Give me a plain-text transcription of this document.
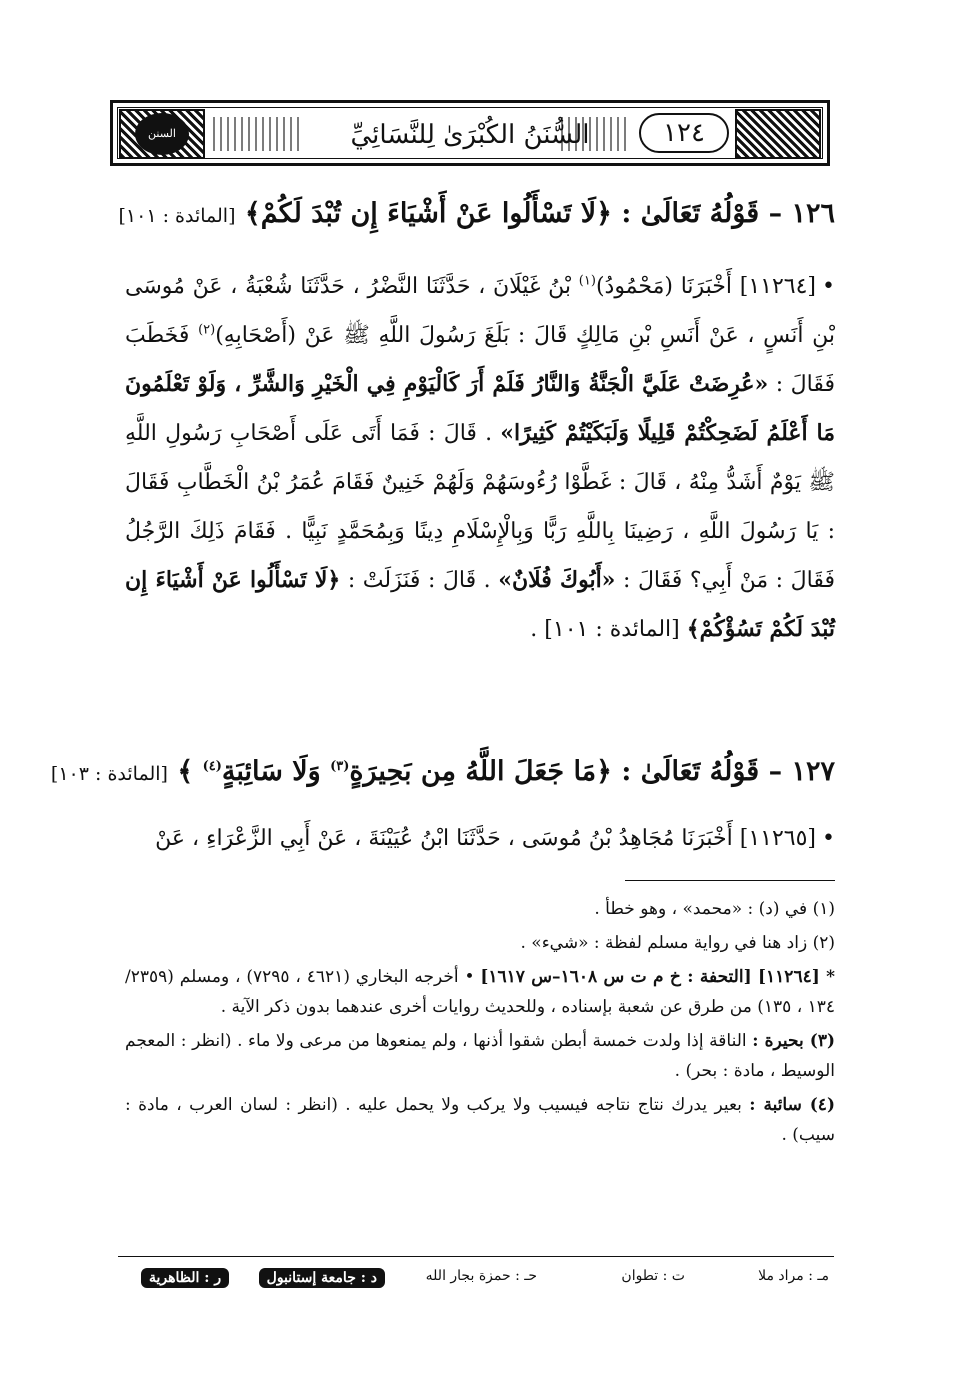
السنن الكبرى
١٢٤
السُّنَنُ الكُبْرَىٰ لِلنَّسَائِيِّ
١٢٦ – قَوْلُهُ تَعَالَىٰ : ﴿لَا تَسْأَلُوا عَنْ أَشْيَاءَ إِن تُبْدَ لَكُمْ﴾ [المائدة : ١٠١]
•[١١٢٦٤] أَخْبَرَنَا (مَحْمُودُ)$^{(١)}$ بْنُ غَيْلَانَ ، حَدَّثَنَا النَّضْرُ ، حَدَّثَنَا شُعْبَةُ ، عَنْ مُوسَى بْنِ أَنَسٍ ، عَنْ أَنَسِ بْنِ مَالِكٍ قَالَ : بَلَغَ رَسُولَ اللَّهِ ﷺ عَنْ (أَصْحَابِهِ)$^{(٢)}$ فَخَطَبَ فَقَالَ : «عُرِضَتْ عَلَيَّ الْجَنَّةُ وَالنَّارُ فَلَمْ أَرَ كَالْيَوْمِ فِي الْخَيْرِ وَالشَّرِّ ، وَلَوْ تَعْلَمُونَ مَا أَعْلَمُ لَضَحِكْتُمْ قَلِيلًا وَلَبَكَيْتُمْ كَثِيرًا» . قَالَ : فَمَا أَتَى عَلَى أَصْحَابِ رَسُولِ اللَّهِ ﷺ يَوْمٌ أَشَدُّ مِنْهُ ، قَالَ : غَطَّوْا رُءُوسَهُمْ وَلَهُمْ خَنِينٌ فَقَامَ عُمَرُ بْنُ الْخَطَّابِ فَقَالَ : يَا رَسُولَ اللَّهِ ، رَضِينَا بِاللَّهِ رَبًّا وَبِالْإِسْلَامِ دِينًا وَبِمُحَمَّدٍ نَبِيًّا . فَقَامَ ذَلِكَ الرَّجُلُ فَقَالَ : مَنْ أَبِي؟ فَقَالَ : «أَبُوكَ فُلَانٌ» . قَالَ : فَنَزَلَتْ : ﴿لَا تَسْأَلُوا عَنْ أَشْيَاءَ إِن تُبْدَ لَكُمْ تَسُؤْكُمْ﴾ [المائدة : ١٠١] .
١٢٧ – قَوْلُهُ تَعَالَىٰ : ﴿مَا جَعَلَ اللَّهُ مِن بَحِيرَةٍ$^{(٣)}$ وَلَا سَائِبَةٍ$^{(٤)}$ ﴾ [المائدة : ١٠٣]
•[١١٢٦٥] أَخْبَرَنَا مُجَاهِدُ بْنُ مُوسَى ، حَدَّثَنَا ابْنُ عُيَيْنَةَ ، عَنْ أَبِي الزَّعْرَاءِ ، عَنْ

(١) في (د) : «محمد» ، وهو خطأ .

(٢) زاد هنا في رواية مسلم لفظة : «شيء» .

* [١١٢٦٤] [التحفة : خ م ت س ١٦٠٨–س ١٦١٧] • أخرجه البخاري (٤٦٢١ ، ٧٢٩٥) ، ومسلم (٢٣٥٩/ ١٣٤ ، ١٣٥) من طرق عن شعبة بإسناده ، وللحديث روايات أخرى عندهما بدون ذكر الآية .

(٣) بحيرة : الناقة إذا ولدت خمسة أبطن شقوا أذنها ، ولم يمنعوها من مرعى ولا ماء . (انظر : المعجم الوسيط ، مادة : بحر) .

(٤) سائبة : بعير يدرك نتاج نتاجه فيسيب ولا يركب ولا يحمل عليه . (انظر : لسان العرب ، مادة : سيب) .

مـ : مراد ملا
ت : تطوان
حـ : حمزة بجار الله
د : جامعة إستانبول
ر : الظاهرية
